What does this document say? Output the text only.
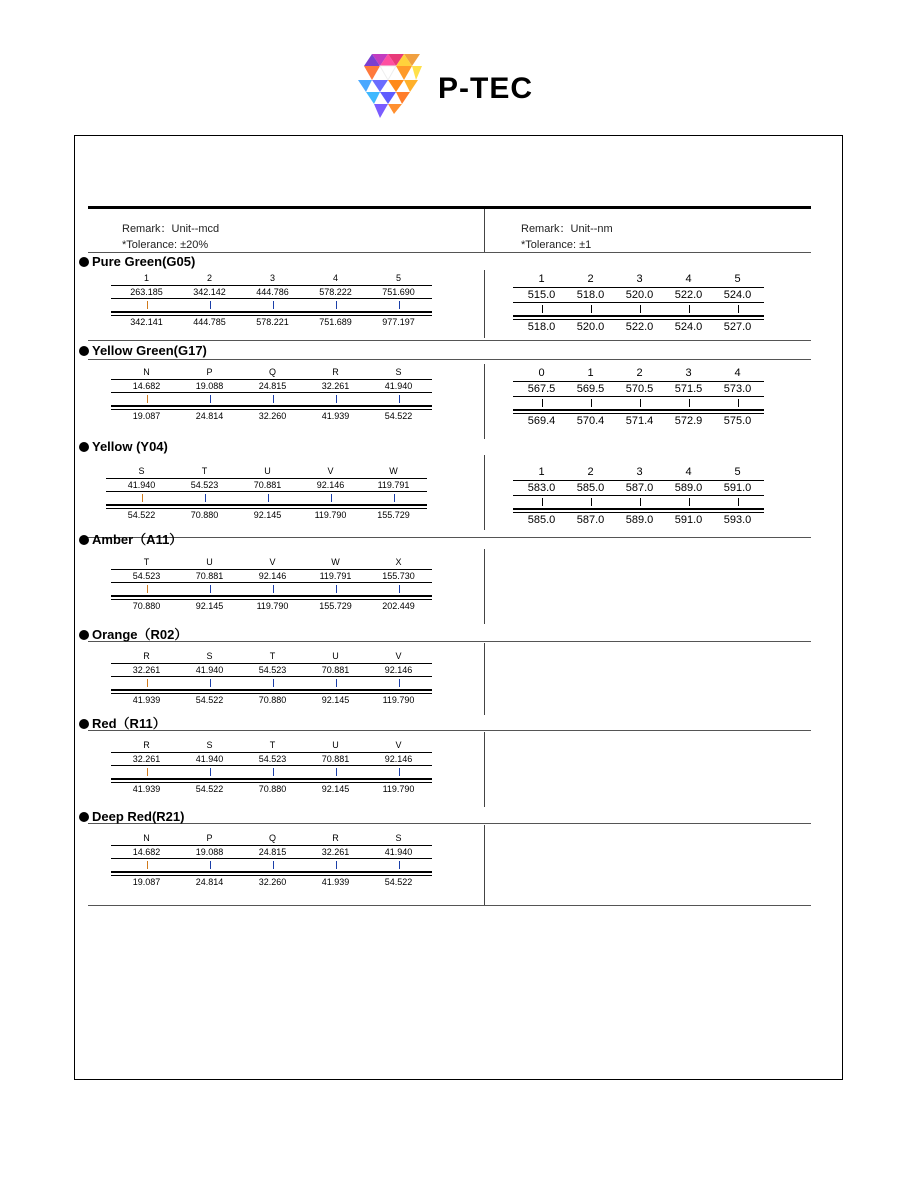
P-TEC
Remark：Unit--mcd
*Tolerance: ±20%
Remark：Unit--nm
*Tolerance: ±1
Pure Green(G05)
Yellow Green(G17)
Yellow (Y04)
Amber（A11）
Orange（R02）
Red（R11）
Deep Red(R21)
1	2	3	4	5
263.185	342.142	444.786	578.222	751.690
342.141	444.785	578.221	751.689	977.197
1	2	3	4	5
515.0	518.0	520.0	522.0	524.0
518.0	520.0	522.0	524.0	527.0
N	P	Q	R	S
14.682	19.088	24.815	32.261	41.940
19.087	24.814	32.260	41.939	54.522
0	1	2	3	4
567.5	569.5	570.5	571.5	573.0
569.4	570.4	571.4	572.9	575.0
S	T	U	V	W
41.940	54.523	70.881	92.146	119.791
54.522	70.880	92.145	119.790	155.729
1	2	3	4	5
583.0	585.0	587.0	589.0	591.0
585.0	587.0	589.0	591.0	593.0
T	U	V	W	X
54.523	70.881	92.146	119.791	155.730
70.880	92.145	119.790	155.729	202.449
R	S	T	U	V
32.261	41.940	54.523	70.881	92.146
41.939	54.522	70.880	92.145	119.790
R	S	T	U	V
32.261	41.940	54.523	70.881	92.146
41.939	54.522	70.880	92.145	119.790
N	P	Q	R	S
14.682	19.088	24.815	32.261	41.940
19.087	24.814	32.260	41.939	54.522
